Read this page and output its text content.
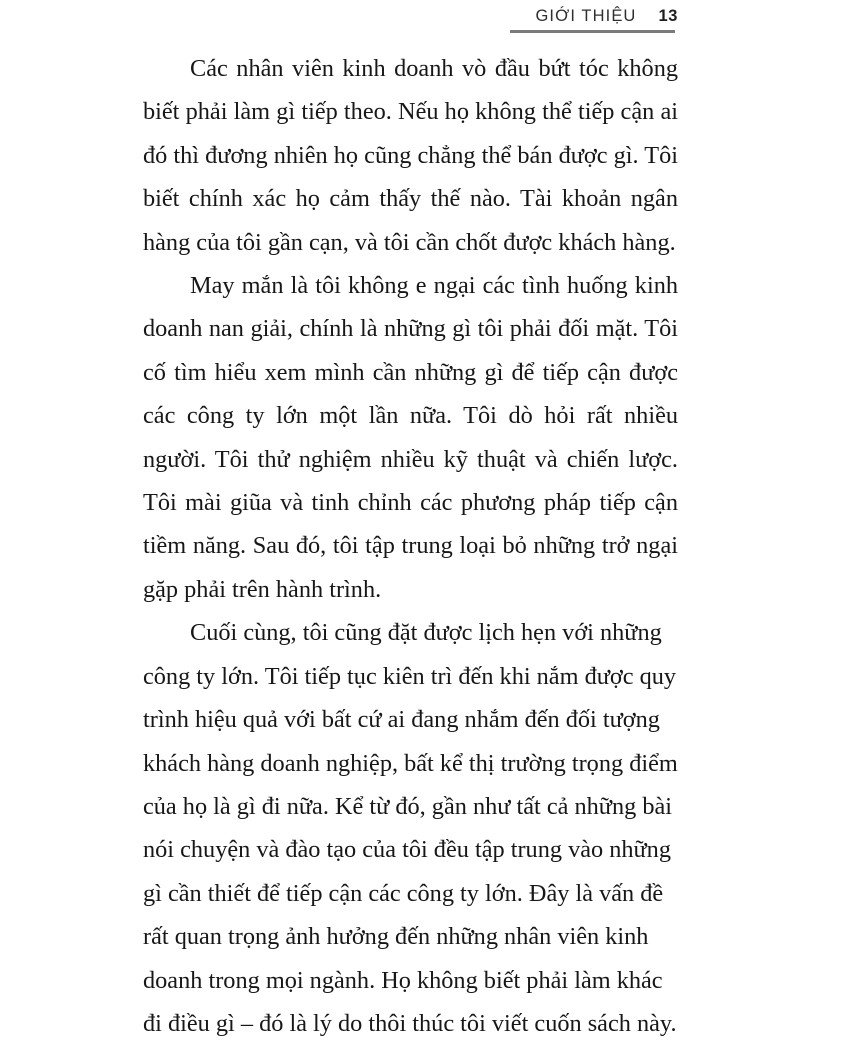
GIỚI THIỆU 13

Các nhân viên kinh doanh vò đầu bứt tóc không biết phải làm gì tiếp theo. Nếu họ không thể tiếp cận ai đó thì đương nhiên họ cũng chẳng thể bán được gì. Tôi biết chính xác họ cảm thấy thế nào. Tài khoản ngân hàng của tôi gần cạn, và tôi cần chốt được khách hàng.

May mắn là tôi không e ngại các tình huống kinh doanh nan giải, chính là những gì tôi phải đối mặt. Tôi cố tìm hiểu xem mình cần những gì để tiếp cận được các công ty lớn một lần nữa. Tôi dò hỏi rất nhiều người. Tôi thử nghiệm nhiều kỹ thuật và chiến lược. Tôi mài giũa và tinh chỉnh các phương pháp tiếp cận tiềm năng. Sau đó, tôi tập trung loại bỏ những trở ngại gặp phải trên hành trình.

Cuối cùng, tôi cũng đặt được lịch hẹn với những công ty lớn. Tôi tiếp tục kiên trì đến khi nắm được quy trình hiệu quả với bất cứ ai đang nhắm đến đối tượng khách hàng doanh nghiệp, bất kể thị trường trọng điểm của họ là gì đi nữa. Kể từ đó, gần như tất cả những bài nói chuyện và đào tạo của tôi đều tập trung vào những gì cần thiết để tiếp cận các công ty lớn. Đây là vấn đề rất quan trọng ảnh hưởng đến những nhân viên kinh doanh trong mọi ngành. Họ không biết phải làm khác đi điều gì – đó là lý do thôi thúc tôi viết cuốn sách này.
